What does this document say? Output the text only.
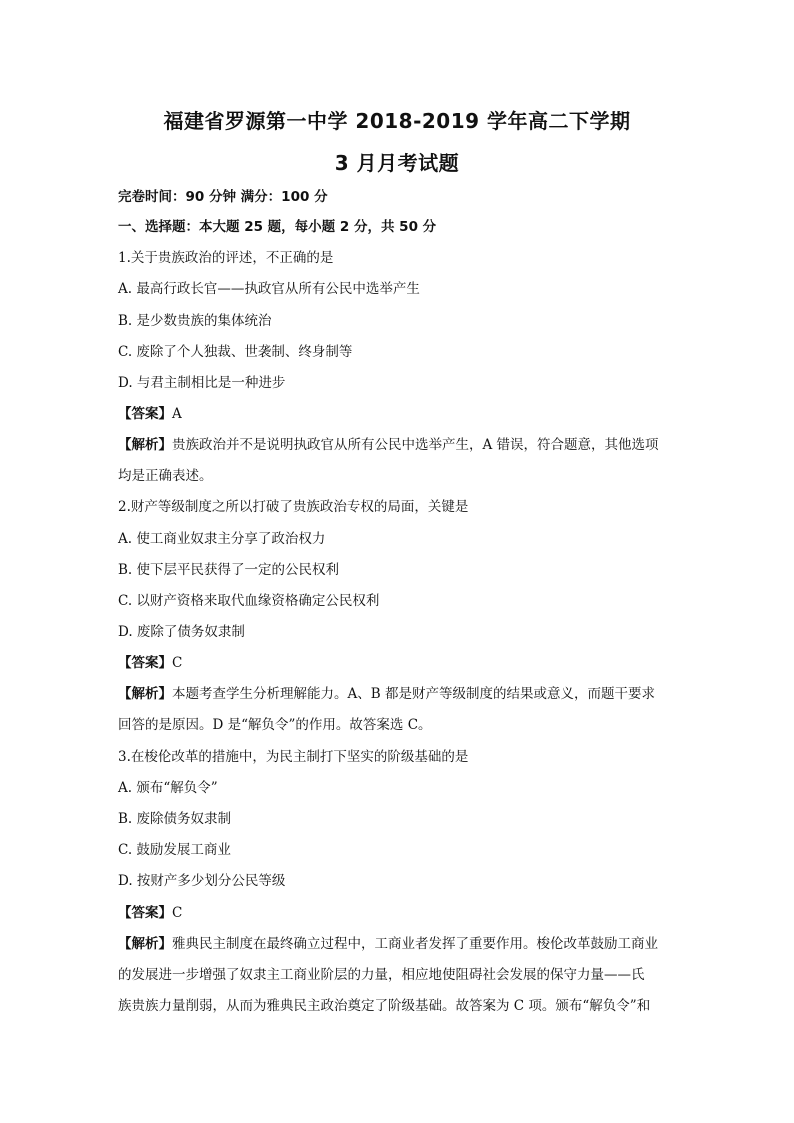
福建省罗源第一中学 2018-2019 学年高二下学期
3 月月考试题
完卷时间：90 分钟 满分：100 分
一、选择题：本大题 25 题，每小题 2 分，共 50 分
1.关于贵族政治的评述，不正确的是
A. 最高行政长官——执政官从所有公民中选举产生
B. 是少数贵族的集体统治
C. 废除了个人独裁、世袭制、终身制等
D. 与君主制相比是一种进步
【答案】A
【解析】贵族政治并不是说明执政官从所有公民中选举产生，A 错误，符合题意，其他选项
均是正确表述。
2.财产等级制度之所以打破了贵族政治专权的局面，关键是
A. 使工商业奴隶主分享了政治权力
B. 使下层平民获得了一定的公民权利
C. 以财产资格来取代血缘资格确定公民权利
D. 废除了债务奴隶制
【答案】C
【解析】本题考查学生分析理解能力。A、B 都是财产等级制度的结果或意义，而题干要求
回答的是原因。D 是“解负令”的作用。故答案选 C。
3.在梭伦改革的措施中，为民主制打下坚实的阶级基础的是
A. 颁布“解负令”
B. 废除债务奴隶制
C. 鼓励发展工商业
D. 按财产多少划分公民等级
【答案】C
【解析】雅典民主制度在最终确立过程中，工商业者发挥了重要作用。梭伦改革鼓励工商业
的发展进一步增强了奴隶主工商业阶层的力量，相应地使阻碍社会发展的保守力量——氏
族贵族力量削弱，从而为雅典民主政治奠定了阶级基础。故答案为 C 项。颁布“解负令”和
